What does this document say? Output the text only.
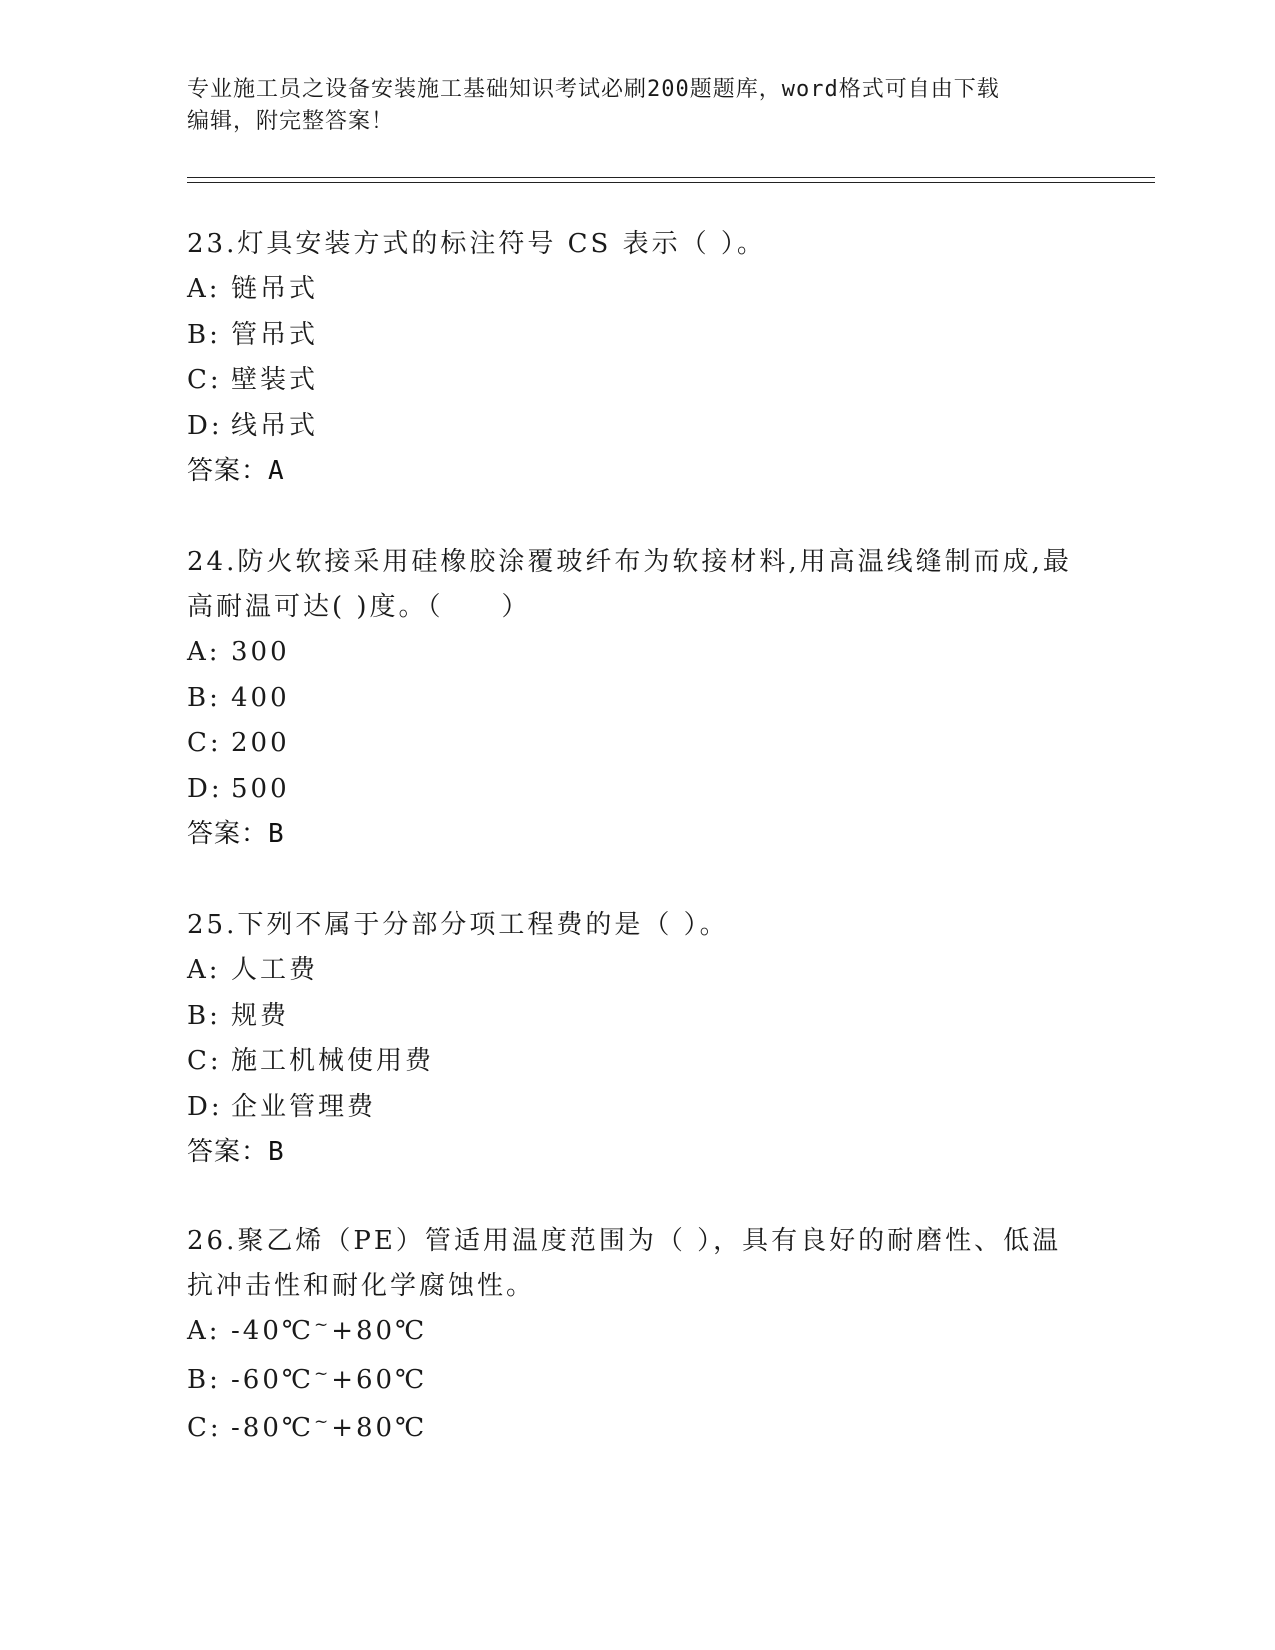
专业施工员之设备安装施工基础知识考试必刷200题题库，word格式可自由下载
编辑，附完整答案！
23.灯具安装方式的标注符号 CS 表示（ ）。
A: 链吊式
B: 管吊式
C: 壁装式
D: 线吊式
答案：A
24.防火软接采用硅橡胶涂覆玻纤布为软接材料,用高温线缝制而成,最
高耐温可达( )度。（　　）
A: 300
B: 400
C: 200
D: 500
答案：B
25.下列不属于分部分项工程费的是（ ）。
A: 人工费
B: 规费
C: 施工机械使用费
D: 企业管理费
答案：B
26.聚乙烯（PE）管适用温度范围为（ ），具有良好的耐磨性、低温
抗冲击性和耐化学腐蚀性。
A: -40℃~+80℃
B: -60℃~+60℃
C: -80℃~+80℃
